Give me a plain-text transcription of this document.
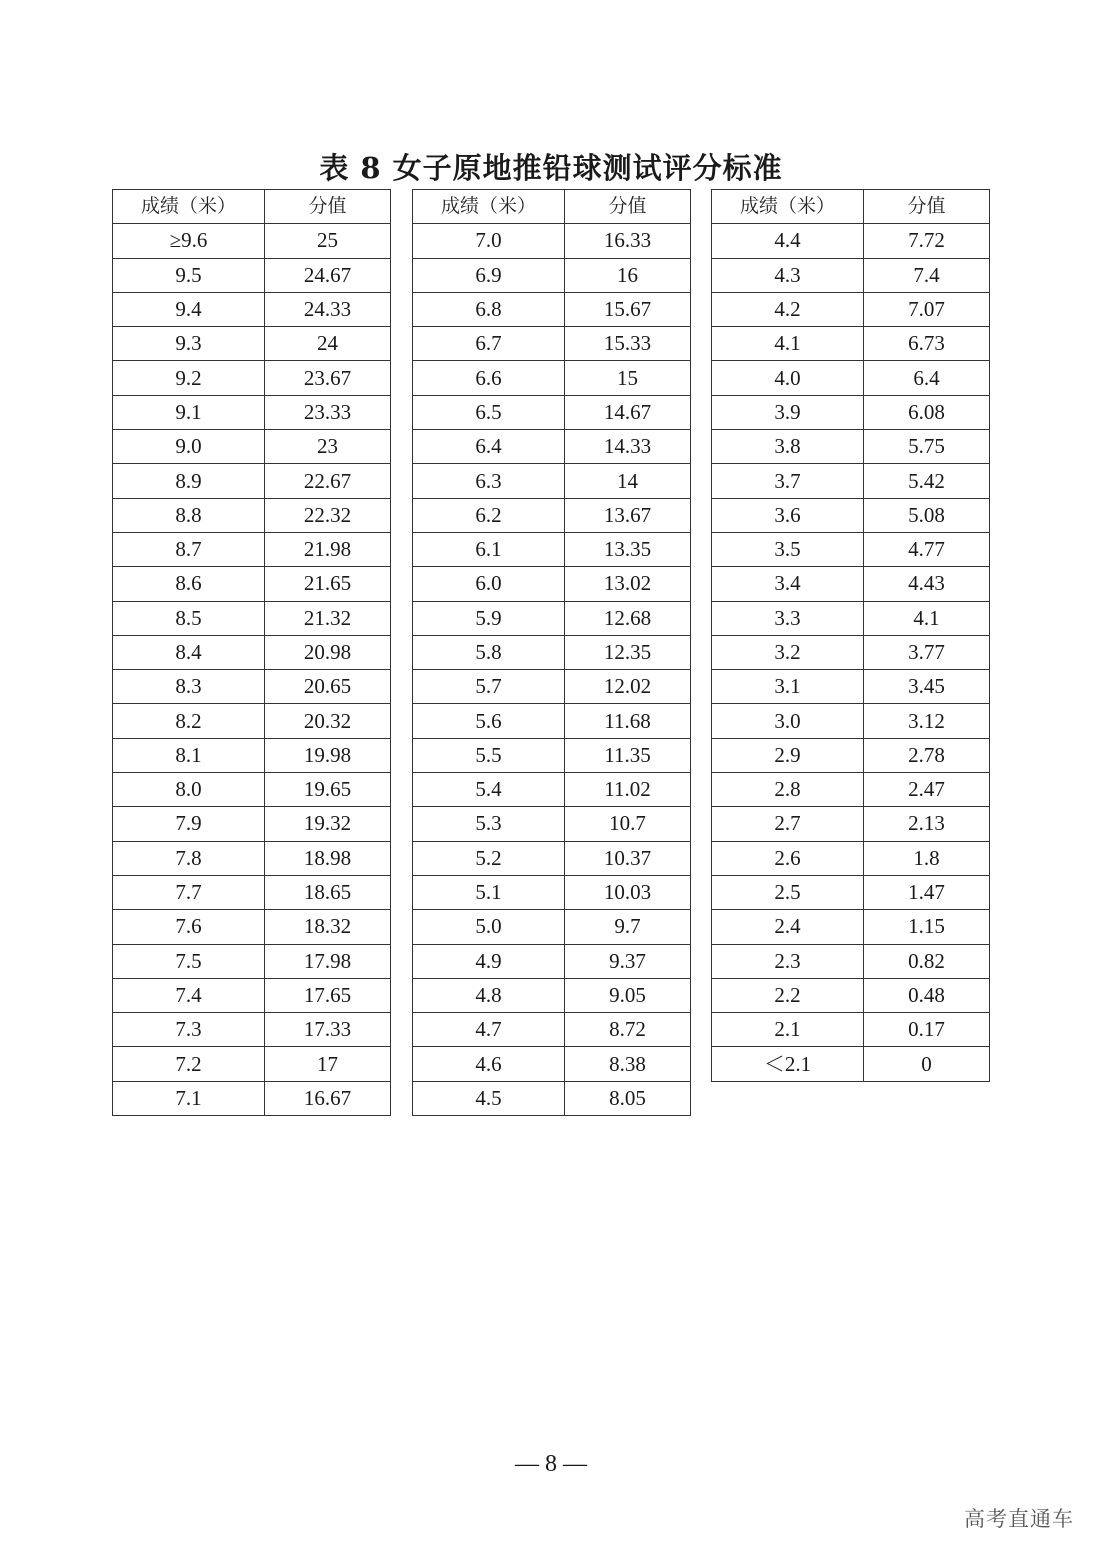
表 8 女子原地推铅球测试评分标准
成绩（米）	分值
≥9.6	25
9.5	24.67
9.4	24.33
9.3	24
9.2	23.67
9.1	23.33
9.0	23
8.9	22.67
8.8	22.32
8.7	21.98
8.6	21.65
8.5	21.32
8.4	20.98
8.3	20.65
8.2	20.32
8.1	19.98
8.0	19.65
7.9	19.32
7.8	18.98
7.7	18.65
7.6	18.32
7.5	17.98
7.4	17.65
7.3	17.33
7.2	17
7.1	16.67
成绩（米）	分值
7.0	16.33
6.9	16
6.8	15.67
6.7	15.33
6.6	15
6.5	14.67
6.4	14.33
6.3	14
6.2	13.67
6.1	13.35
6.0	13.02
5.9	12.68
5.8	12.35
5.7	12.02
5.6	11.68
5.5	11.35
5.4	11.02
5.3	10.7
5.2	10.37
5.1	10.03
5.0	9.7
4.9	9.37
4.8	9.05
4.7	8.72
4.6	8.38
4.5	8.05
成绩（米）	分值
4.4	7.72
4.3	7.4
4.2	7.07
4.1	6.73
4.0	6.4
3.9	6.08
3.8	5.75
3.7	5.42
3.6	5.08
3.5	4.77
3.4	4.43
3.3	4.1
3.2	3.77
3.1	3.45
3.0	3.12
2.9	2.78
2.8	2.47
2.7	2.13
2.6	1.8
2.5	1.47
2.4	1.15
2.3	0.82
2.2	0.48
2.1	0.17
＜2.1	0
— 8 —
高考直通车
